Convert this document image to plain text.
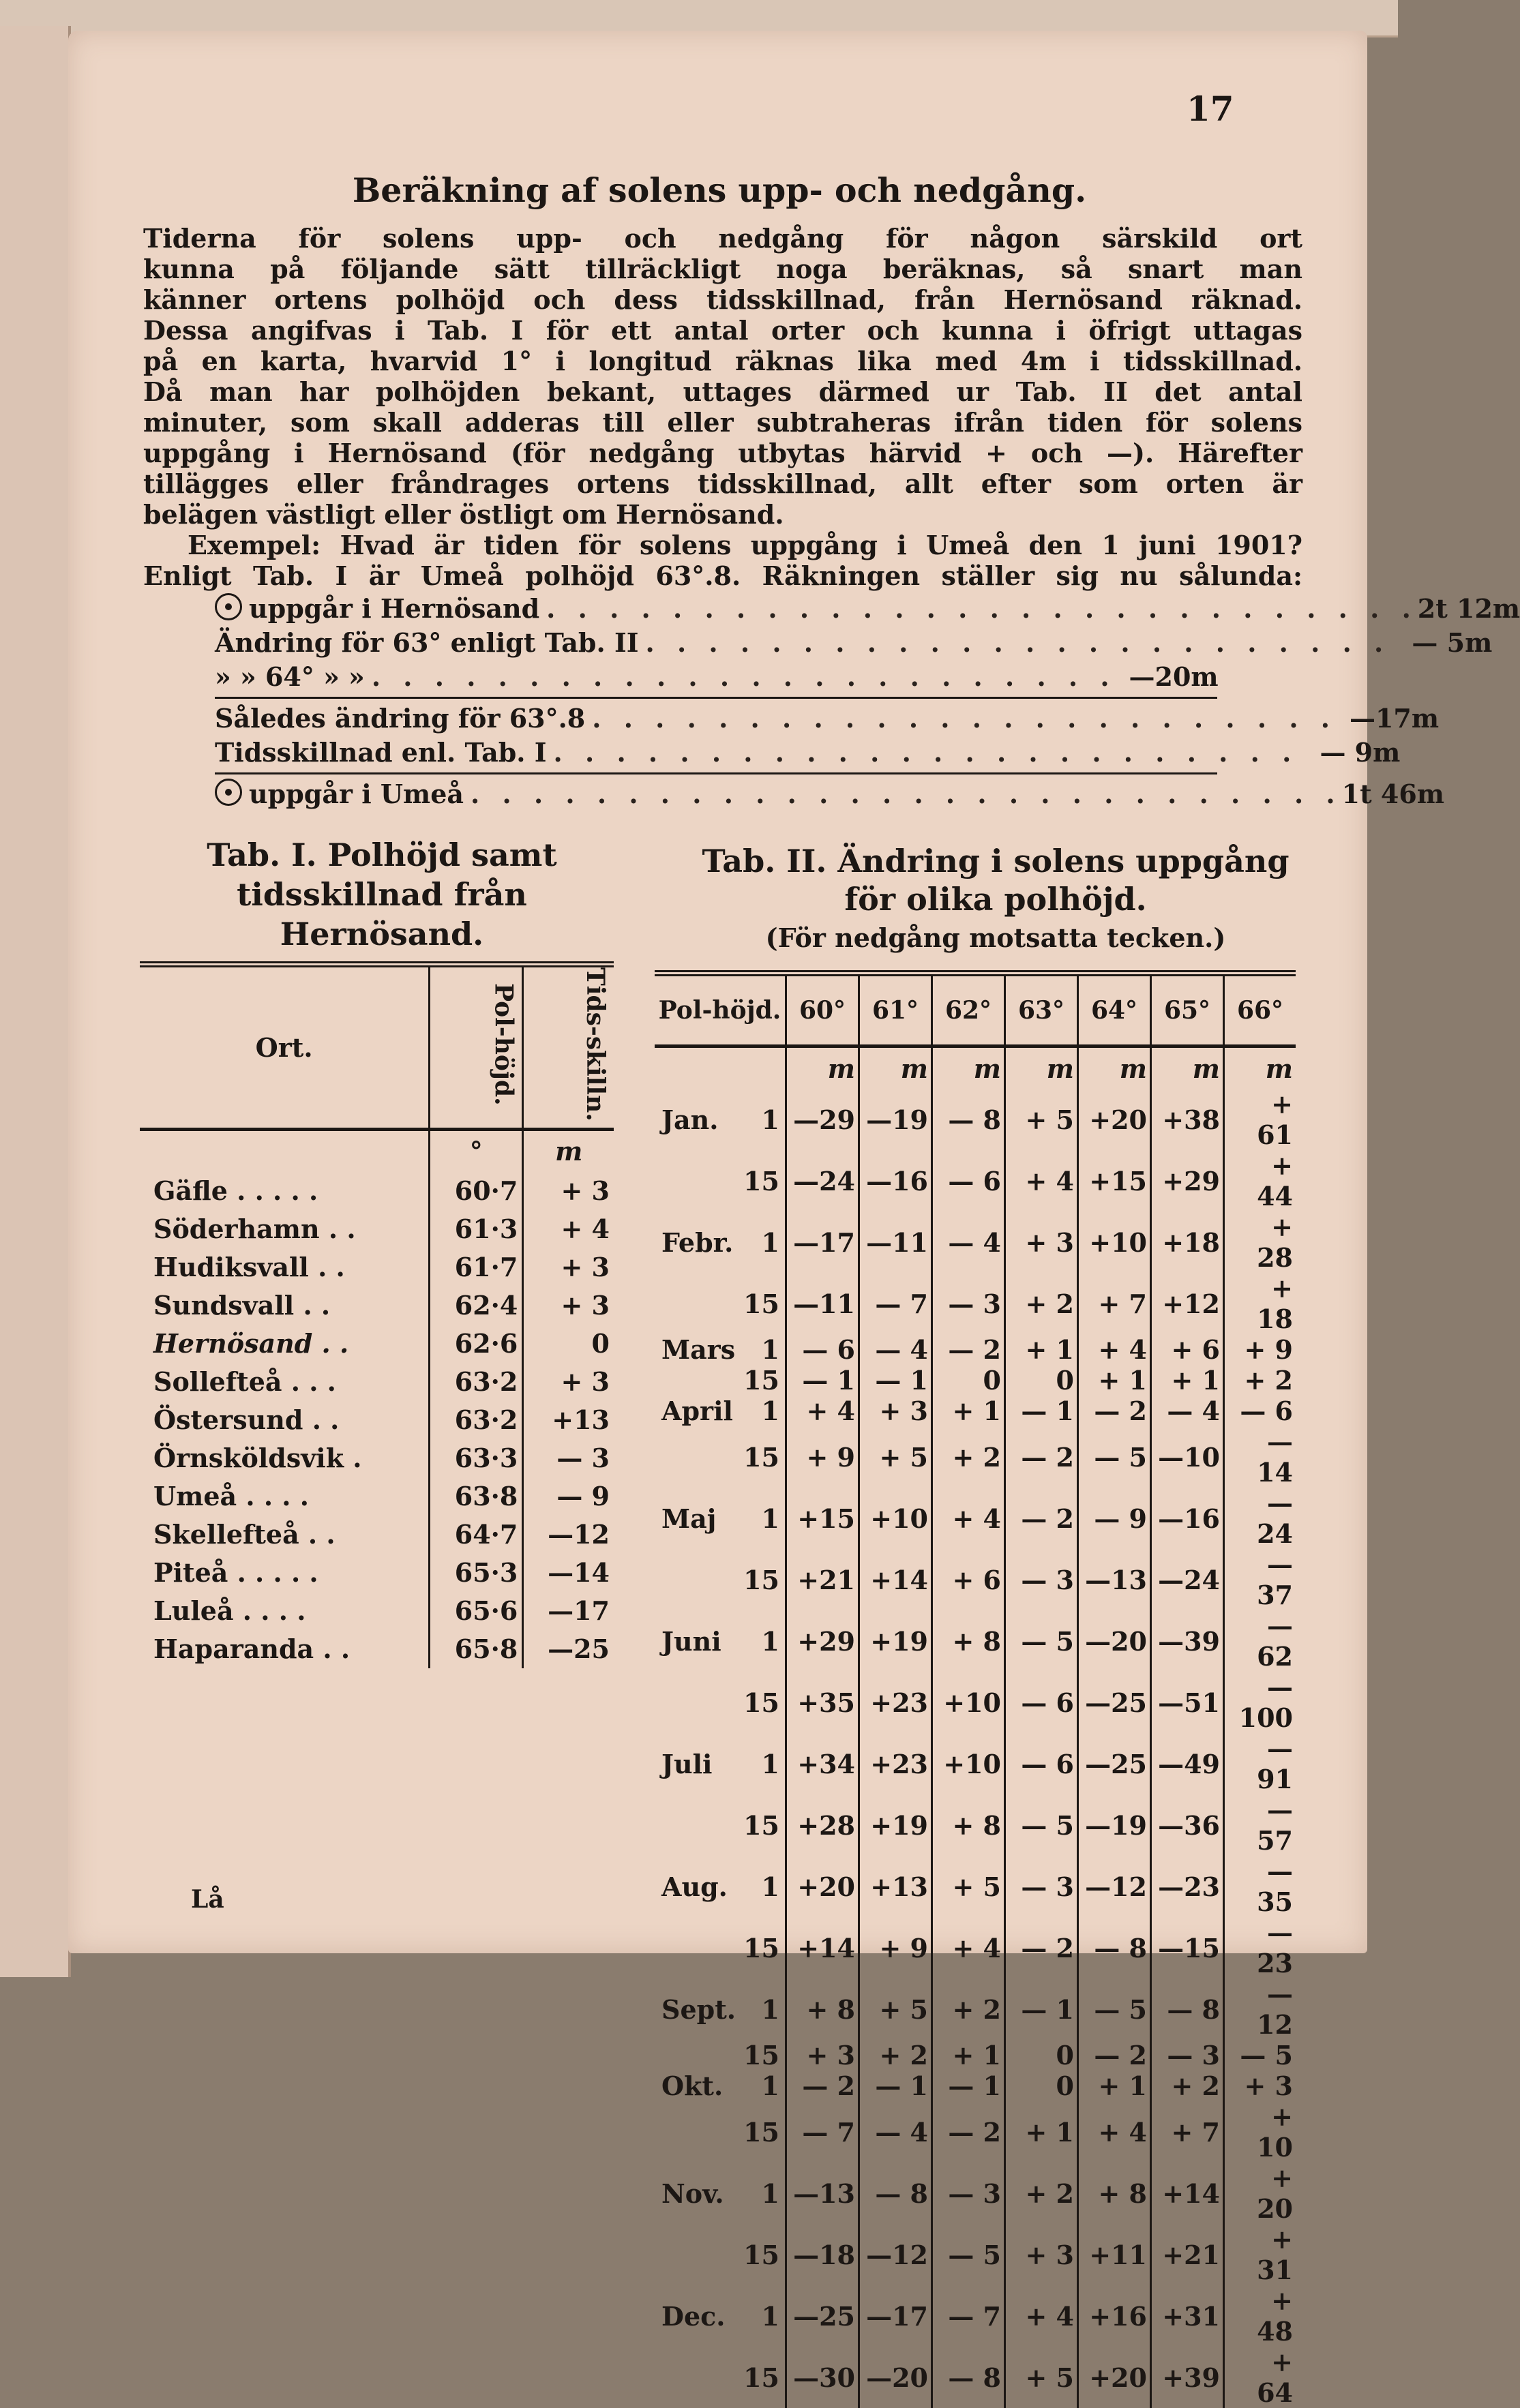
17
Beräkning af solens upp- och nedgång.

Tiderna för solens upp- och nedgång för någon särskild ort

kunna på följande sätt tillräckligt noga beräknas, så snart man

känner ortens polhöjd och dess tidsskillnad, från Hernösand räknad.

Dessa angifvas i Tab. I för ett antal orter och kunna i öfrigt uttagas

på en karta, hvarvid 1° i longitud räknas lika med 4m i tidsskillnad.

Då man har polhöjden bekant, uttages därmed ur Tab. II det antal

minuter, som skall adderas till eller subtraheras ifrån tiden för solens

uppgång i Hernösand (för nedgång utbytas härvid + och —). Härefter

tillägges eller fråndrages ortens tidsskillnad, allt efter som orten är

belägen västligt eller östligt om Hernösand.

Exempel: Hvad är tiden för solens uppgång i Umeå den 1 juni 1901?

Enligt Tab. I är Umeå polhöjd 63°.8. Räkningen ställer sig nu sålunda:

uppgår i Hernösand . . . . . . . . . . . . . . . . . . . . . . . . . . . . 2t 12m
Ändring för 63° enligt Tab. II . . . . . . . . . . . . . . . . . . . . . . . . — 5m
» » 64° » » . . . . . . . . . . . . . . . . . . . . . . . . —20m
Således ändring för 63°.8 . . . . . . . . . . . . . . . . . . . . . . . . —17m
Tidsskillnad enl. Tab. I . . . . . . . . . . . . . . . . . . . . . . . . — 9m
uppgår i Umeå . . . . . . . . . . . . . . . . . . . . . . . . . . . . 1t 46m
Tab. I. Polhöjd samt
tidsskillnad från
Hernösand.
Tab. II. Ändring i solens uppgång
för olika polhöjd.
(För nedgång motsatta tecken.)
Ort.	Pol-höjd.	Tids-skilln.
	°	m
Gäfle . . . . .	60·7	+ 3
Söderhamn . .	61·3	+ 4
Hudiksvall . .	61·7	+ 3
Sundsvall . .	62·4	+ 3
Hernösand . .	62·6	0
Sollefteå . . .	63·2	+ 3
Östersund . .	63·2	+13
Örnsköldsvik .	63·3	— 3
Umeå . . . .	63·8	— 9
Skellefteå . .	64·7	—12
Piteå . . . . .	65·3	—14
Luleå . . . .	65·6	—17
Haparanda . .	65·8	—25
Pol-höjd.		60°	61°	62°	63°	64°	65°	66°
		m	m	m	m	m	m	m
Jan.	1	—29	—19	— 8	+ 5	+20	+38	+ 61
	15	—24	—16	— 6	+ 4	+15	+29	+ 44
Febr.	1	—17	—11	— 4	+ 3	+10	+18	+ 28
	15	—11	— 7	— 3	+ 2	+ 7	+12	+ 18
Mars	1	— 6	— 4	— 2	+ 1	+ 4	+ 6	+ 9
	15	— 1	— 1	0	0	+ 1	+ 1	+ 2
April	1	+ 4	+ 3	+ 1	— 1	— 2	— 4	— 6
	15	+ 9	+ 5	+ 2	— 2	— 5	—10	— 14
Maj	1	+15	+10	+ 4	— 2	— 9	—16	— 24
	15	+21	+14	+ 6	— 3	—13	—24	— 37
Juni	1	+29	+19	+ 8	— 5	—20	—39	— 62
	15	+35	+23	+10	— 6	—25	—51	—100
Juli	1	+34	+23	+10	— 6	—25	—49	— 91
	15	+28	+19	+ 8	— 5	—19	—36	— 57
Aug.	1	+20	+13	+ 5	— 3	—12	—23	— 35
	15	+14	+ 9	+ 4	— 2	— 8	—15	— 23
Sept.	1	+ 8	+ 5	+ 2	— 1	— 5	— 8	— 12
	15	+ 3	+ 2	+ 1	0	— 2	— 3	— 5
Okt.	1	— 2	— 1	— 1	0	+ 1	+ 2	+ 3
	15	— 7	— 4	— 2	+ 1	+ 4	+ 7	+ 10
Nov.	1	—13	— 8	— 3	+ 2	+ 8	+14	+ 20
	15	—18	—12	— 5	+ 3	+11	+21	+ 31
Dec.	1	—25	—17	— 7	+ 4	+16	+31	+ 48
	15	—30	—20	— 8	+ 5	+20	+39	+ 64
Lå
